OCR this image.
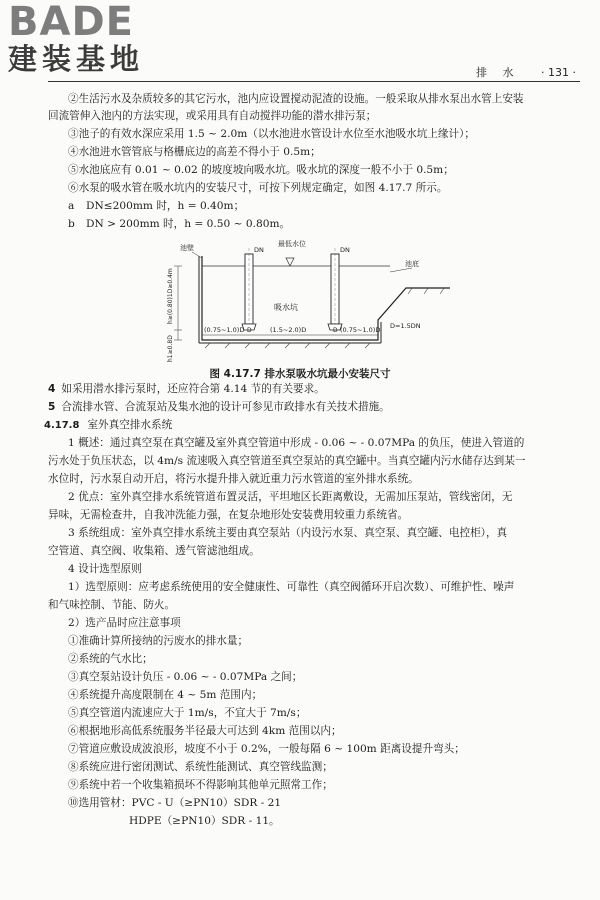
BADE
建装基地	排 水 · 131 ·
②生活污水及杂质较多的其它污水，池内应设置搅动泥渣的设施。一般采取从排水泵出水管上安装
回流管伸入池内的方法实现，或采用具有自动搅拌功能的潜水排污泵；
③池子的有效水深应采用 1.5 ~ 2.0m（以水池进水管设计水位至水池吸水坑上缘计）；
④水池进水管管底与格栅底边的高差不得小于 0.5m；
⑤水池底应有 0.01 ~ 0.02 的坡度坡向吸水坑。吸水坑的深度一般不小于 0.5m；
⑥水泵的吸水管在吸水坑内的安装尺寸，可按下列规定确定，如图 4.17.7 所示。
a DN≤200mm 时，h = 0.40m；
b DN > 200mm 时，h = 0.50 ~ 0.80m。
池壁	DN	DN
最低水位
池底
吸水坑
(0.75~1.0)D	(1.5~2.0)D	(0.75~1.0)D
D	D
D=1.5DN
h≥(0.80)1D≥0.4m
h1≥0.8D
图 4.17.7 排水泵吸水坑最小安装尺寸
4 如采用潜水排污泵时，还应符合第 4.14 节的有关要求。
5 合流排水管、合流泵站及集水池的设计可参见市政排水有关技术措施。
4.17.8 室外真空排水系统
1 概述：通过真空泵在真空罐及室外真空管道中形成 - 0.06 ~ - 0.07MPa 的负压，使进入管道的
污水处于负压状态，以 4m/s 流速吸入真空管道至真空泵站的真空罐中。当真空罐内污水储存达到某一
水位时，污水泵自动开启，将污水提升排入就近重力污水管道的室外排水系统。
2 优点：室外真空排水系统管道布置灵活，平坦地区长距离敷设，无需加压泵站，管线密闭，无
异味，无需检查井，自我冲洗能力强，在复杂地形处安装费用较重力系统省。
3 系统组成：室外真空排水系统主要由真空泵站（内设污水泵、真空泵、真空罐、电控柜），真
空管道、真空阀、收集箱、透气管滤池组成。
4 设计选型原则
1）选型原则：应考虑系统使用的安全健康性、可靠性（真空阀循环开启次数）、可维护性、噪声
和气味控制、节能、防火。
2）选产品时应注意事项
①准确计算所接纳的污废水的排水量；
②系统的气水比；
③真空泵站设计负压 - 0.06 ~ - 0.07MPa 之间；
④系统提升高度限制在 4 ~ 5m 范围内；
⑤真空管道内流速应大于 1m/s，不宜大于 7m/s；
⑥根据地形高低系统服务半径最大可达到 4km 范围以内；
⑦管道应敷设成波浪形，坡度不小于 0.2%，一般每隔 6 ~ 100m 距离设提升弯头；
⑧系统应进行密闭测试、系统性能测试、真空管线监测；
⑨系统中若一个收集箱损坏不得影响其他单元照常工作；
⑩选用管材：PVC - U（≥PN10）SDR - 21
HDPE（≥PN10）SDR - 11。
